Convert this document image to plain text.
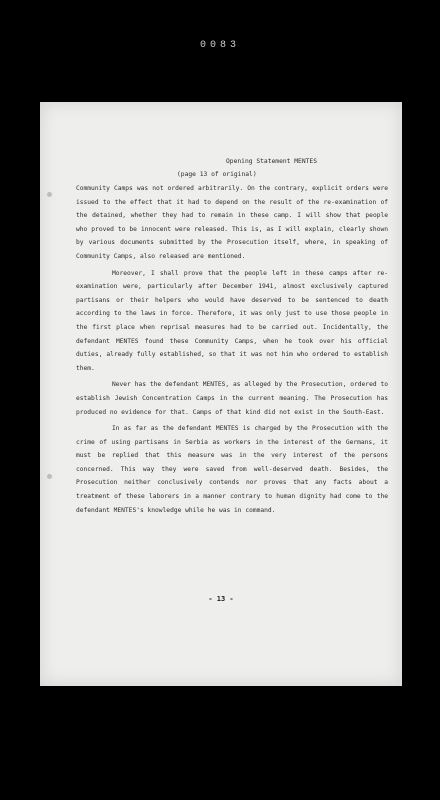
0083
Opening Statement MENTES
(page 13 of original)

Community Camps was not ordered arbitrarily. On the contrary, explicit orders were issued to the effect that it had to depend on the result of the re-examination of the detained, whether they had to remain in these camp. I will show that people who proved to be innocent were released. This is, as I will explain, clearly shown by various documents submitted by the Prosecution itself, where, in speaking of Community Camps, also released are mentioned.

Moreover, I shall prove that the people left in these camps after re-examination were, particularly after December 1941, almost exclusively captured partisans or their helpers who would have deserved to be sentenced to death according to the laws in force. Therefore, it was only just to use those people in the first place when reprisal measures had to be carried out. Incidentally, the defendant MENTES found these Community Camps, when he took over his official duties, already fully established, so that it was not him who ordered to establish them.

Never has the defendant MENTES, as alleged by the Prosecution, ordered to establish Jewish Concentration Camps in the current meaning. The Prosecution has produced no evidence for that. Camps of that kind did not exist in the South-East.

In as far as the defendant MENTES is charged by the Prosecution with the crime of using partisans in Serbia as workers in the interest of the Germans, it must be replied that this measure was in the very interest of the persons concerned. This way they were saved from well-deserved death. Besides, the Prosecution neither conclusively contends nor proves that any facts about a treatment of these laborers in a manner contrary to human dignity had come to the defendant MENTES's knowledge while he was in command.

- 13 -
